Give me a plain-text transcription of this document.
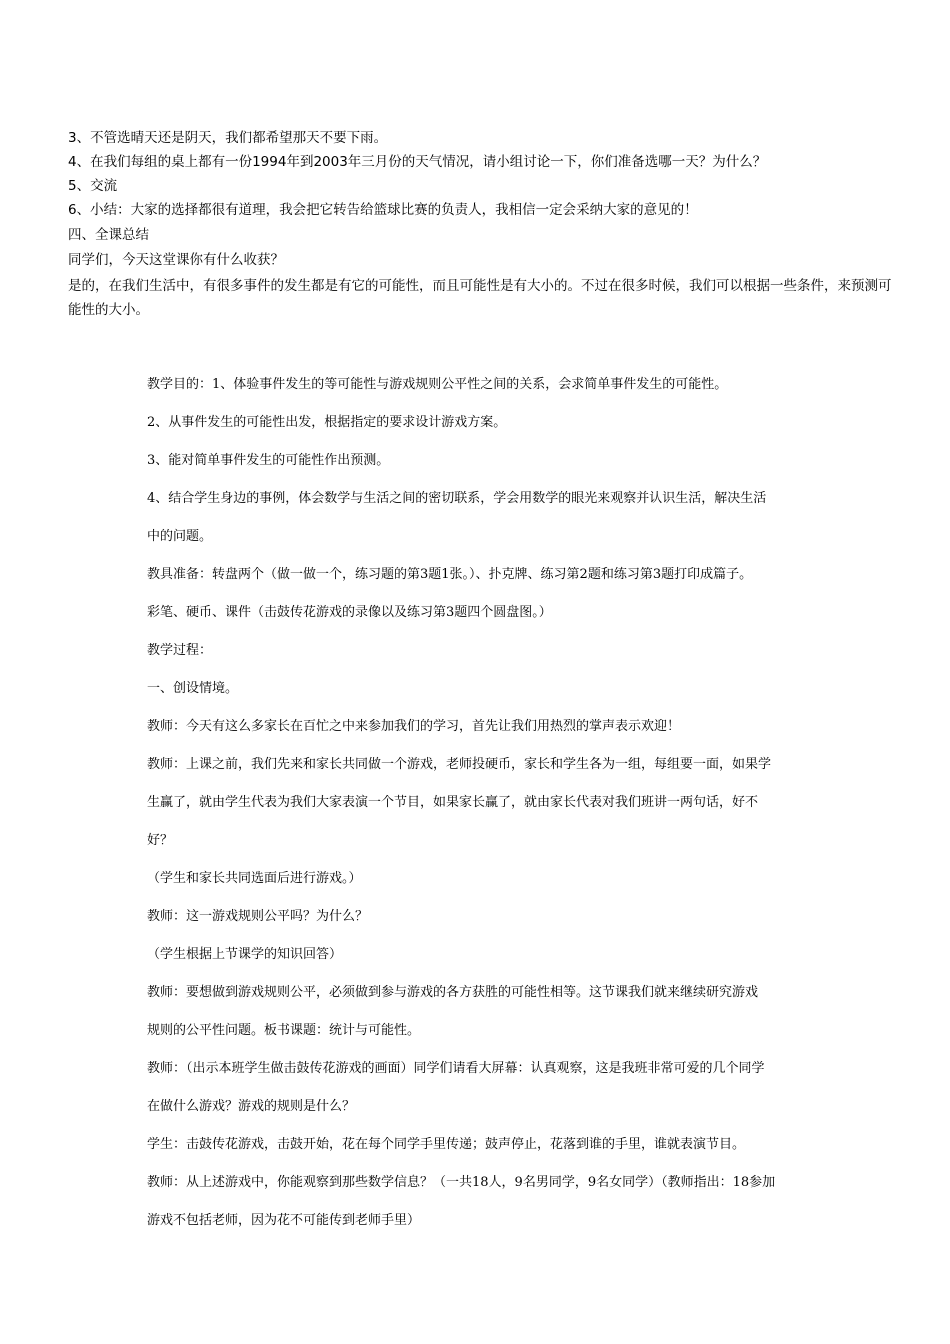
3、不管选晴天还是阴天，我们都希望那天不要下雨。
4、在我们每组的桌上都有一份1994年到2003年三月份的天气情况，请小组讨论一下，你们准备选哪一天？为什么？
5、交流
6、小结：大家的选择都很有道理，我会把它转告给篮球比赛的负责人，我相信一定会采纳大家的意见的！
四、全课总结
同学们，今天这堂课你有什么收获？
是的，在我们生活中，有很多事件的发生都是有它的可能性，而且可能性是有大小的。不过在很多时候，我们可以根据一些条件，来预测可能性的大小。
教学目的：1、体验事件发生的等可能性与游戏规则公平性之间的关系，会求简单事件发生的可能性。
2、从事件发生的可能性出发，根据指定的要求设计游戏方案。
3、能对简单事件发生的可能性作出预测。
4、结合学生身边的事例，体会数学与生活之间的密切联系，学会用数学的眼光来观察并认识生活，解决生活
中的问题。
教具准备：转盘两个（做一做一个，练习题的第3题1张。）、扑克牌、练习第2题和练习第3题打印成篇子。
彩笔、硬币、课件（击鼓传花游戏的录像以及练习第3题四个圆盘图。）
教学过程：
一、创设情境。
教师：今天有这么多家长在百忙之中来参加我们的学习，首先让我们用热烈的掌声表示欢迎！
教师：上课之前，我们先来和家长共同做一个游戏，老师投硬币，家长和学生各为一组，每组要一面，如果学
生赢了，就由学生代表为我们大家表演一个节目，如果家长赢了，就由家长代表对我们班讲一两句话，好不
好？
（学生和家长共同选面后进行游戏。）
教师：这一游戏规则公平吗？为什么？
（学生根据上节课学的知识回答）
教师：要想做到游戏规则公平，必须做到参与游戏的各方获胜的可能性相等。这节课我们就来继续研究游戏
规则的公平性问题。板书课题：统计与可能性。
教师：（出示本班学生做击鼓传花游戏的画面）同学们请看大屏幕：认真观察，这是我班非常可爱的几个同学
在做什么游戏？游戏的规则是什么？
学生：击鼓传花游戏，击鼓开始，花在每个同学手里传递；鼓声停止，花落到谁的手里，谁就表演节目。
教师：从上述游戏中，你能观察到那些数学信息？（一共18人，9名男同学，9名女同学）（教师指出：18参加
游戏不包括老师，因为花不可能传到老师手里）
